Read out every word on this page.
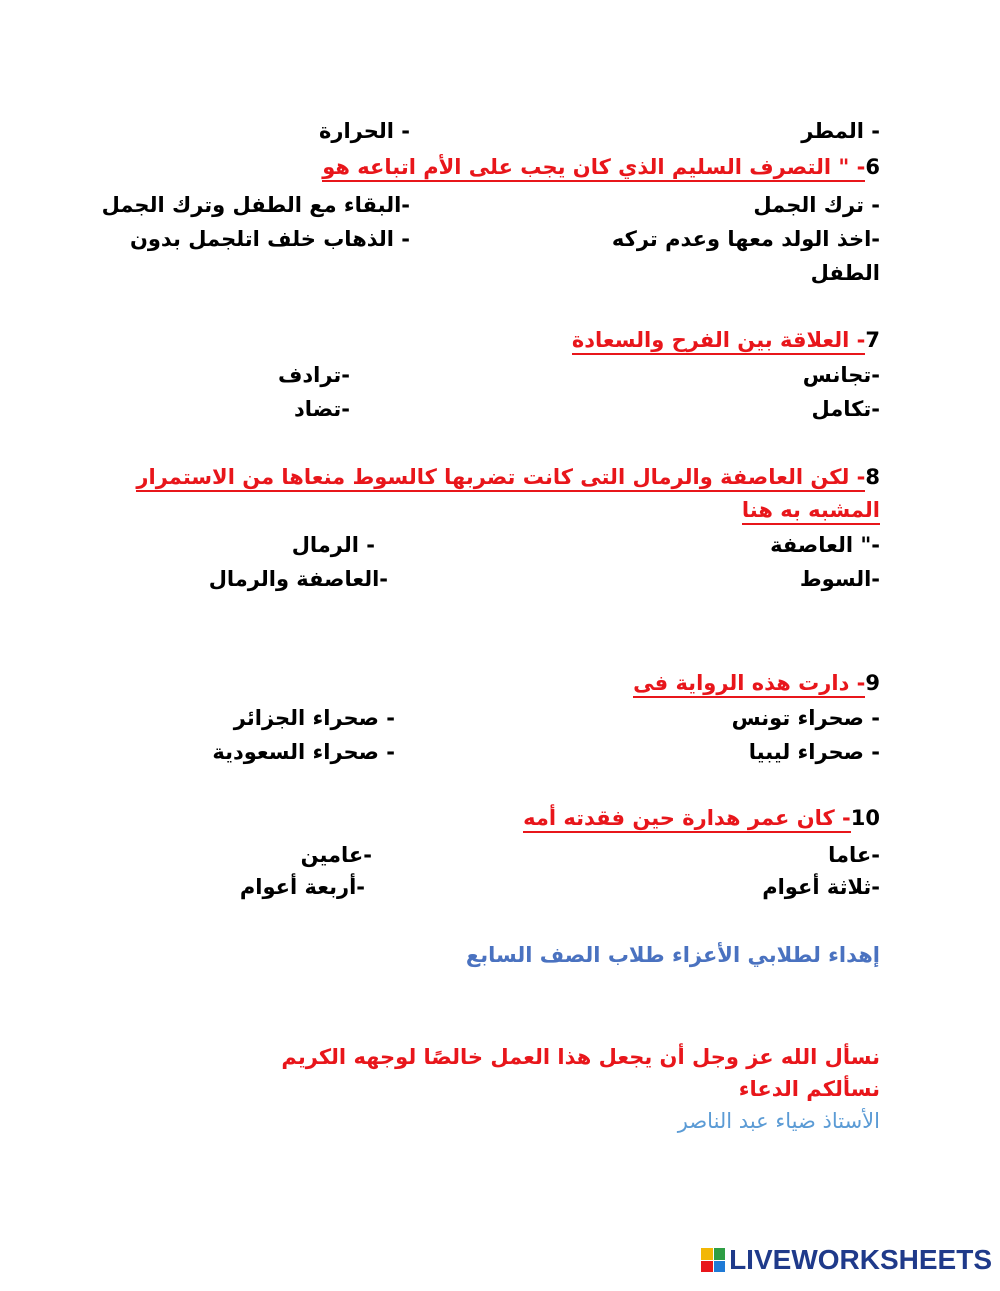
- المطر
- الحرارة
6- " التصرف السليم الذي كان يجب على الأم اتباعه هو
- ترك الجمل
-البقاء مع الطفل وترك الجمل
-اخذ الولد معها وعدم تركه
- الذهاب خلف اتلجمل بدون
الطفل
7- العلاقة بين الفرح والسعادة
-تجانس
-ترادف
-تكامل
-تضاد
8- لكن العاصفة والرمال التى كانت تضربها كالسوط منعاها من الاستمرار
المشبه به هنا
-" العاصفة
- الرمال
-السوط
-العاصفة والرمال
9- دارت هذه الرواية فى
- صحراء تونس
- صحراء الجزائر
- صحراء ليبيا
- صحراء السعودية
10- كان عمر هدارة حين فقدته أمه
-عاما
-عامين
-ثلاثة أعوام
-أربعة أعوام
إهداء لطلابي الأعزاء طلاب الصف السابع
نسأل الله عز وجل أن يجعل هذا العمل خالصًا لوجهه الكريم
نسألكم الدعاء
الأستاذ ضياء عبد الناصر
LIVEWORKSHEETS
